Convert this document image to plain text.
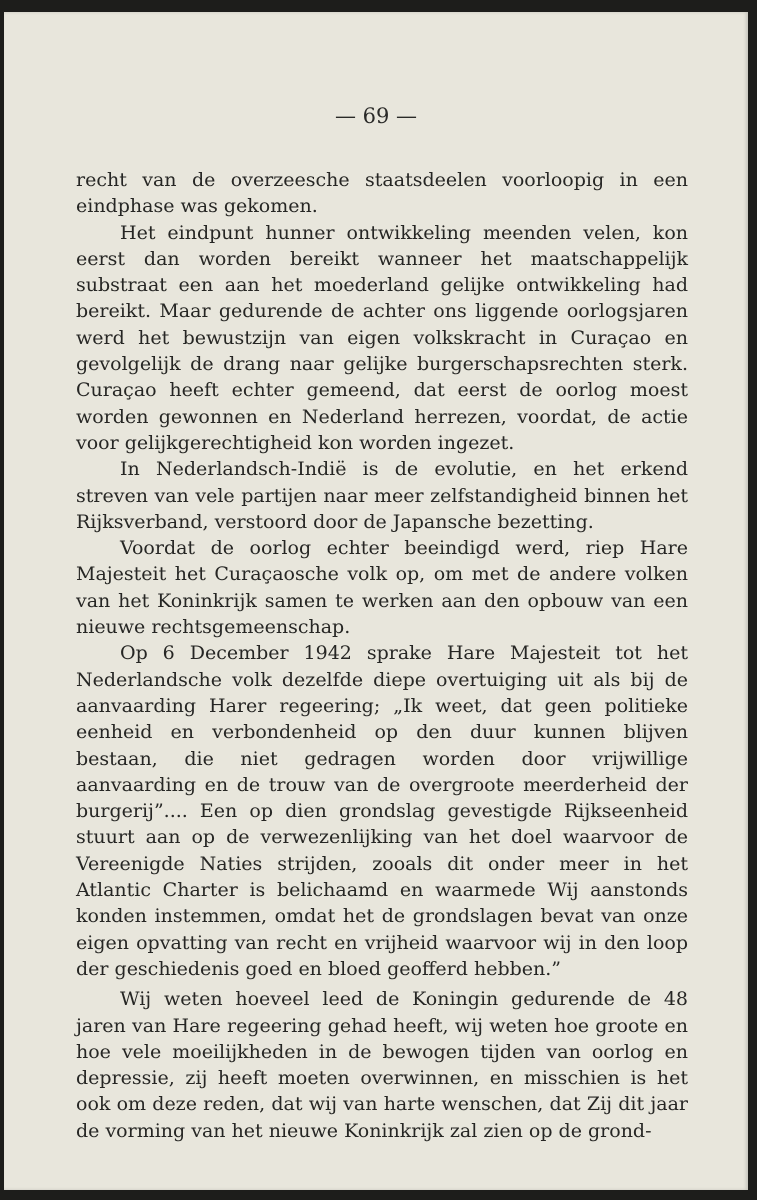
— 69 —

recht van de overzeesche staatsdeelen voorloopig in een eindphase was gekomen.

Het eindpunt hunner ontwikkeling meenden velen, kon eerst dan worden bereikt wanneer het maatschappelijk substraat een aan het moederland gelijke ontwikkeling had bereikt. Maar gedurende de achter ons liggende oorlogsjaren werd het bewustzijn van eigen volkskracht in Curaçao en gevolgelijk de drang naar gelijke burgerschapsrechten sterk. Curaçao heeft echter gemeend, dat eerst de oorlog moest worden gewonnen en Nederland herrezen, voordat, de actie voor gelijkgerechtigheid kon worden ingezet.

In Nederlandsch-Indië is de evolutie, en het erkend streven van vele partijen naar meer zelfstandigheid binnen het Rijksverband, verstoord door de Japansche bezetting.

Voordat de oorlog echter beeindigd werd, riep Hare Majesteit het Curaçaosche volk op, om met de andere volken van het Koninkrijk samen te werken aan den opbouw van een nieuwe rechtsgemeenschap.

Op 6 December 1942 sprake Hare Majesteit tot het Nederlandsche volk dezelfde diepe overtuiging uit als bij de aanvaarding Harer regeering; „Ik weet, dat geen politieke eenheid en verbondenheid op den duur kunnen blijven bestaan, die niet gedragen worden door vrijwillige aanvaarding en de trouw van de overgroote meerderheid der burgerij”.... Een op dien grondslag gevestigde Rijkseenheid stuurt aan op de verwezenlijking van het doel waarvoor de Vereenigde Naties strijden, zooals dit onder meer in het Atlantic Charter is belichaamd en waarmede Wij aanstonds konden instemmen, omdat het de grondslagen bevat van onze eigen opvatting van recht en vrijheid waarvoor wij in den loop der geschiedenis goed en bloed geofferd hebben.”

Wij weten hoeveel leed de Koningin gedurende de 48 jaren van Hare regeering gehad heeft, wij weten hoe groote en hoe vele moeilijkheden in de bewogen tijden van oorlog en depressie, zij heeft moeten overwinnen, en misschien is het ook om deze reden, dat wij van harte wenschen, dat Zij dit jaar de vorming van het nieuwe Koninkrijk zal zien op de grond-
